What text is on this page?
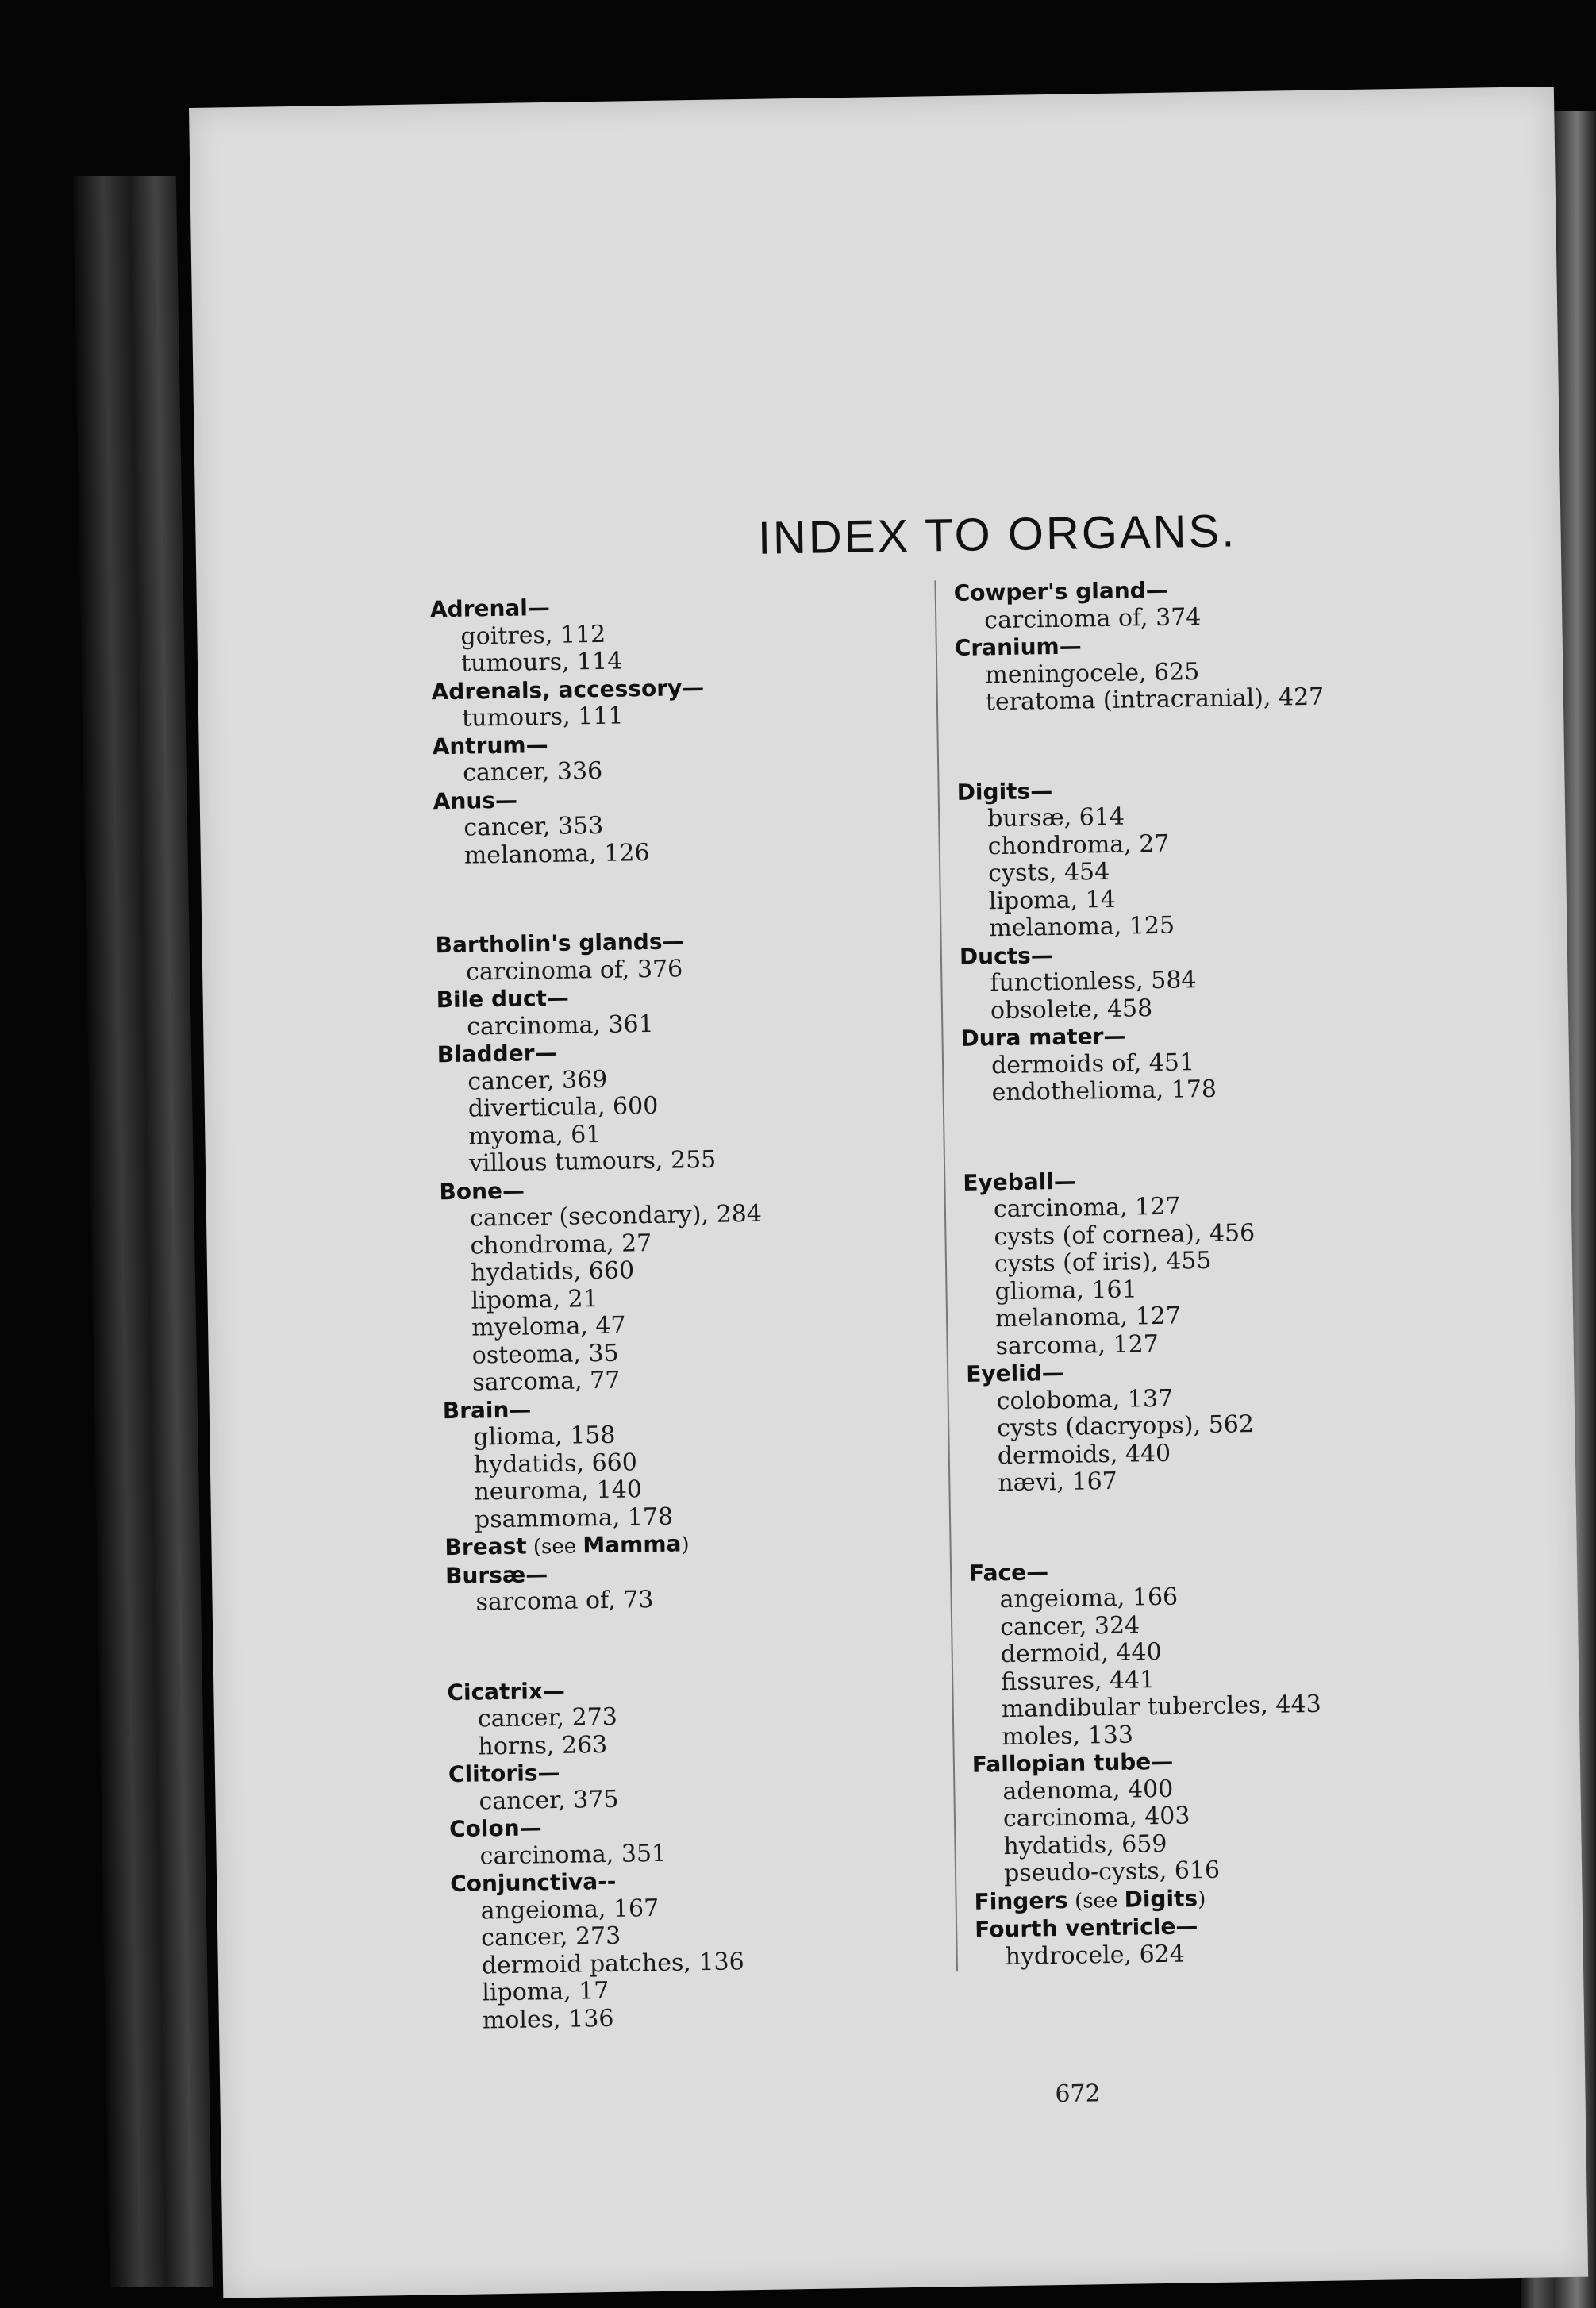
INDEX TO ORGANS.
Adrenal—
goitres, 112
tumours, 114
Adrenals, accessory—
tumours, 111
Antrum—
cancer, 336
Anus—
cancer, 353
melanoma, 126
Bartholin's glands—
carcinoma of, 376
Bile duct—
carcinoma, 361
Bladder—
cancer, 369
diverticula, 600
myoma, 61
villous tumours, 255
Bone—
cancer (secondary), 284
chondroma, 27
hydatids, 660
lipoma, 21
myeloma, 47
osteoma, 35
sarcoma, 77
Brain—
glioma, 158
hydatids, 660
neuroma, 140
psammoma, 178
Breast (see Mamma)
Bursæ—
sarcoma of, 73
Cicatrix—
cancer, 273
horns, 263
Clitoris—
cancer, 375
Colon—
carcinoma, 351
Conjunctiva--
angeioma, 167
cancer, 273
dermoid patches, 136
lipoma, 17
moles, 136
Cowper's gland—
carcinoma of, 374
Cranium—
meningocele, 625
teratoma (intracranial), 427
Digits—
bursæ, 614
chondroma, 27
cysts, 454
lipoma, 14
melanoma, 125
Ducts—
functionless, 584
obsolete, 458
Dura mater—
dermoids of, 451
endothelioma, 178
Eyeball—
carcinoma, 127
cysts (of cornea), 456
cysts (of iris), 455
glioma, 161
melanoma, 127
sarcoma, 127
Eyelid—
coloboma, 137
cysts (dacryops), 562
dermoids, 440
nævi, 167
Face—
angeioma, 166
cancer, 324
dermoid, 440
fissures, 441
mandibular tubercles, 443
moles, 133
Fallopian tube—
adenoma, 400
carcinoma, 403
hydatids, 659
pseudo-cysts, 616
Fingers (see Digits)
Fourth ventricle—
hydrocele, 624
672
